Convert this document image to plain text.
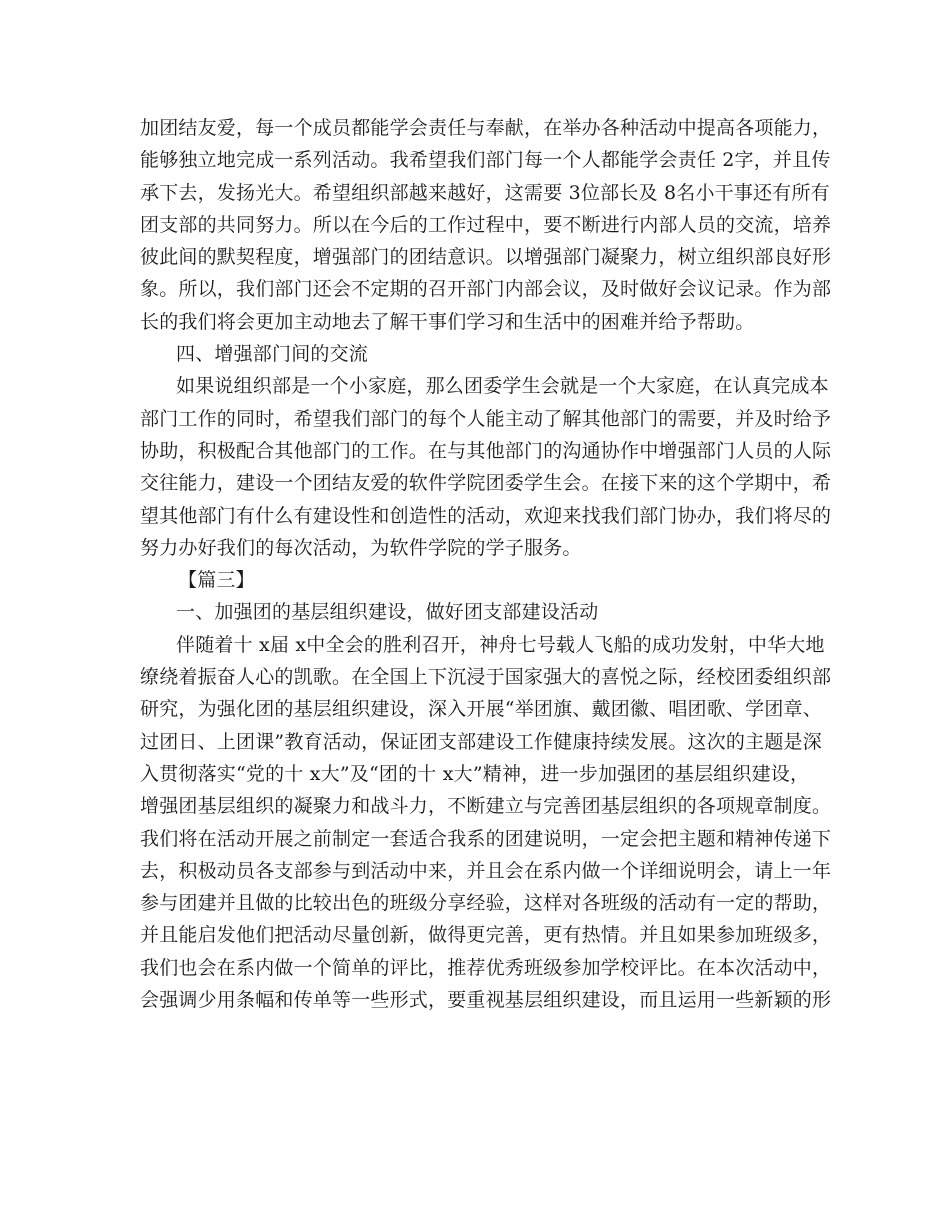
加团结友爱，每一个成员都能学会责任与奉献，在举办各种活动中提高各项能力，
能够独立地完成一系列活动。我希望我们部门每一个人都能学会责任 2字，并且传
承下去，发扬光大。希望组织部越来越好，这需要 3位部长及 8名小干事还有所有
团支部的共同努力。所以在今后的工作过程中，要不断进行内部人员的交流，培养
彼此间的默契程度，增强部门的团结意识。以增强部门凝聚力，树立组织部良好形
象。所以，我们部门还会不定期的召开部门内部会议，及时做好会议记录。作为部
长的我们将会更加主动地去了解干事们学习和生活中的困难并给予帮助。
四、增强部门间的交流
如果说组织部是一个小家庭，那么团委学生会就是一个大家庭，在认真完成本
部门工作的同时，希望我们部门的每个人能主动了解其他部门的需要，并及时给予
协助，积极配合其他部门的工作。在与其他部门的沟通协作中增强部门人员的人际
交往能力，建设一个团结友爱的软件学院团委学生会。在接下来的这个学期中，希
望其他部门有什么有建设性和创造性的活动，欢迎来找我们部门协办，我们将尽的
努力办好我们的每次活动，为软件学院的学子服务。
【篇三】
一、加强团的基层组织建设，做好团支部建设活动
伴随着十 x届 x中全会的胜利召开，神舟七号载人飞船的成功发射，中华大地
缭绕着振奋人心的凯歌。在全国上下沉浸于国家强大的喜悦之际，经校团委组织部
研究，为强化团的基层组织建设，深入开展“举团旗、戴团徽、唱团歌、学团章、
过团日、上团课”教育活动，保证团支部建设工作健康持续发展。这次的主题是深
入贯彻落实“党的十 x大”及“团的十 x大”精神，进一步加强团的基层组织建设，
增强团基层组织的凝聚力和战斗力，不断建立与完善团基层组织的各项规章制度。
我们将在活动开展之前制定一套适合我系的团建说明，一定会把主题和精神传递下
去，积极动员各支部参与到活动中来，并且会在系内做一个详细说明会，请上一年
参与团建并且做的比较出色的班级分享经验，这样对各班级的活动有一定的帮助，
并且能启发他们把活动尽量创新，做得更完善，更有热情。并且如果参加班级多，
我们也会在系内做一个简单的评比，推荐优秀班级参加学校评比。在本次活动中，
会强调少用条幅和传单等一些形式，要重视基层组织建设，而且运用一些新颖的形
